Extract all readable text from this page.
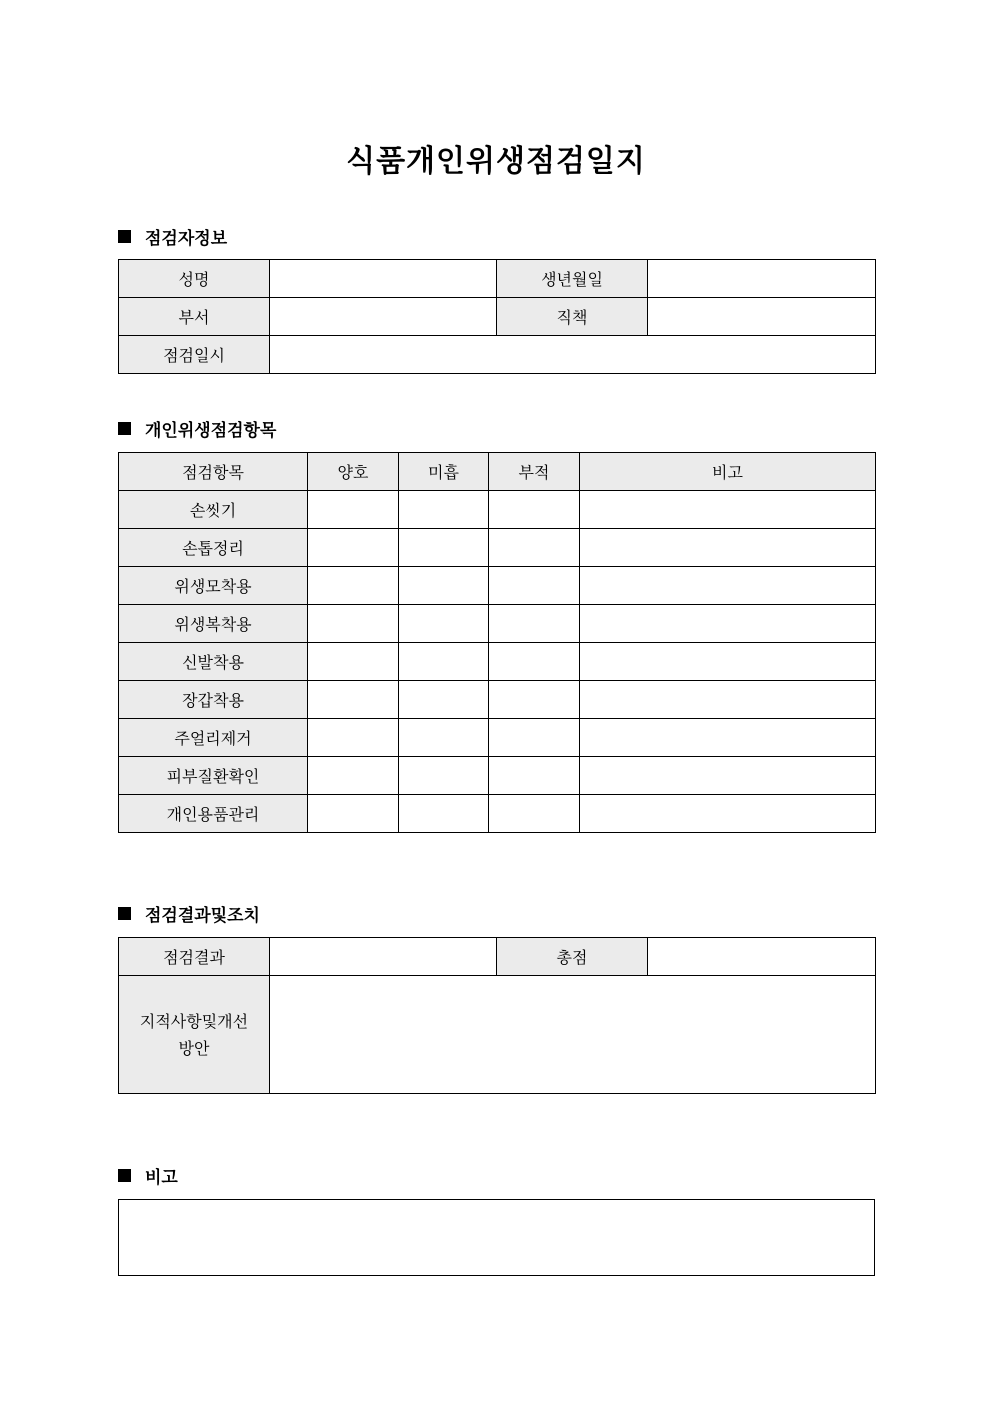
식품개인위생점검일지
점검자정보
성명		생년월일	
부서		직책	
점검일시			
개인위생점검항목
점검항목	양호	미흡	부적	비고
손씻기				
손톱정리				
위생모착용				
위생복착용				
신발착용				
장갑착용				
주얼리제거				
피부질환확인				
개인용품관리				
점검결과및조치
점검결과		총점	

지적사항및개선
방안			

비고
